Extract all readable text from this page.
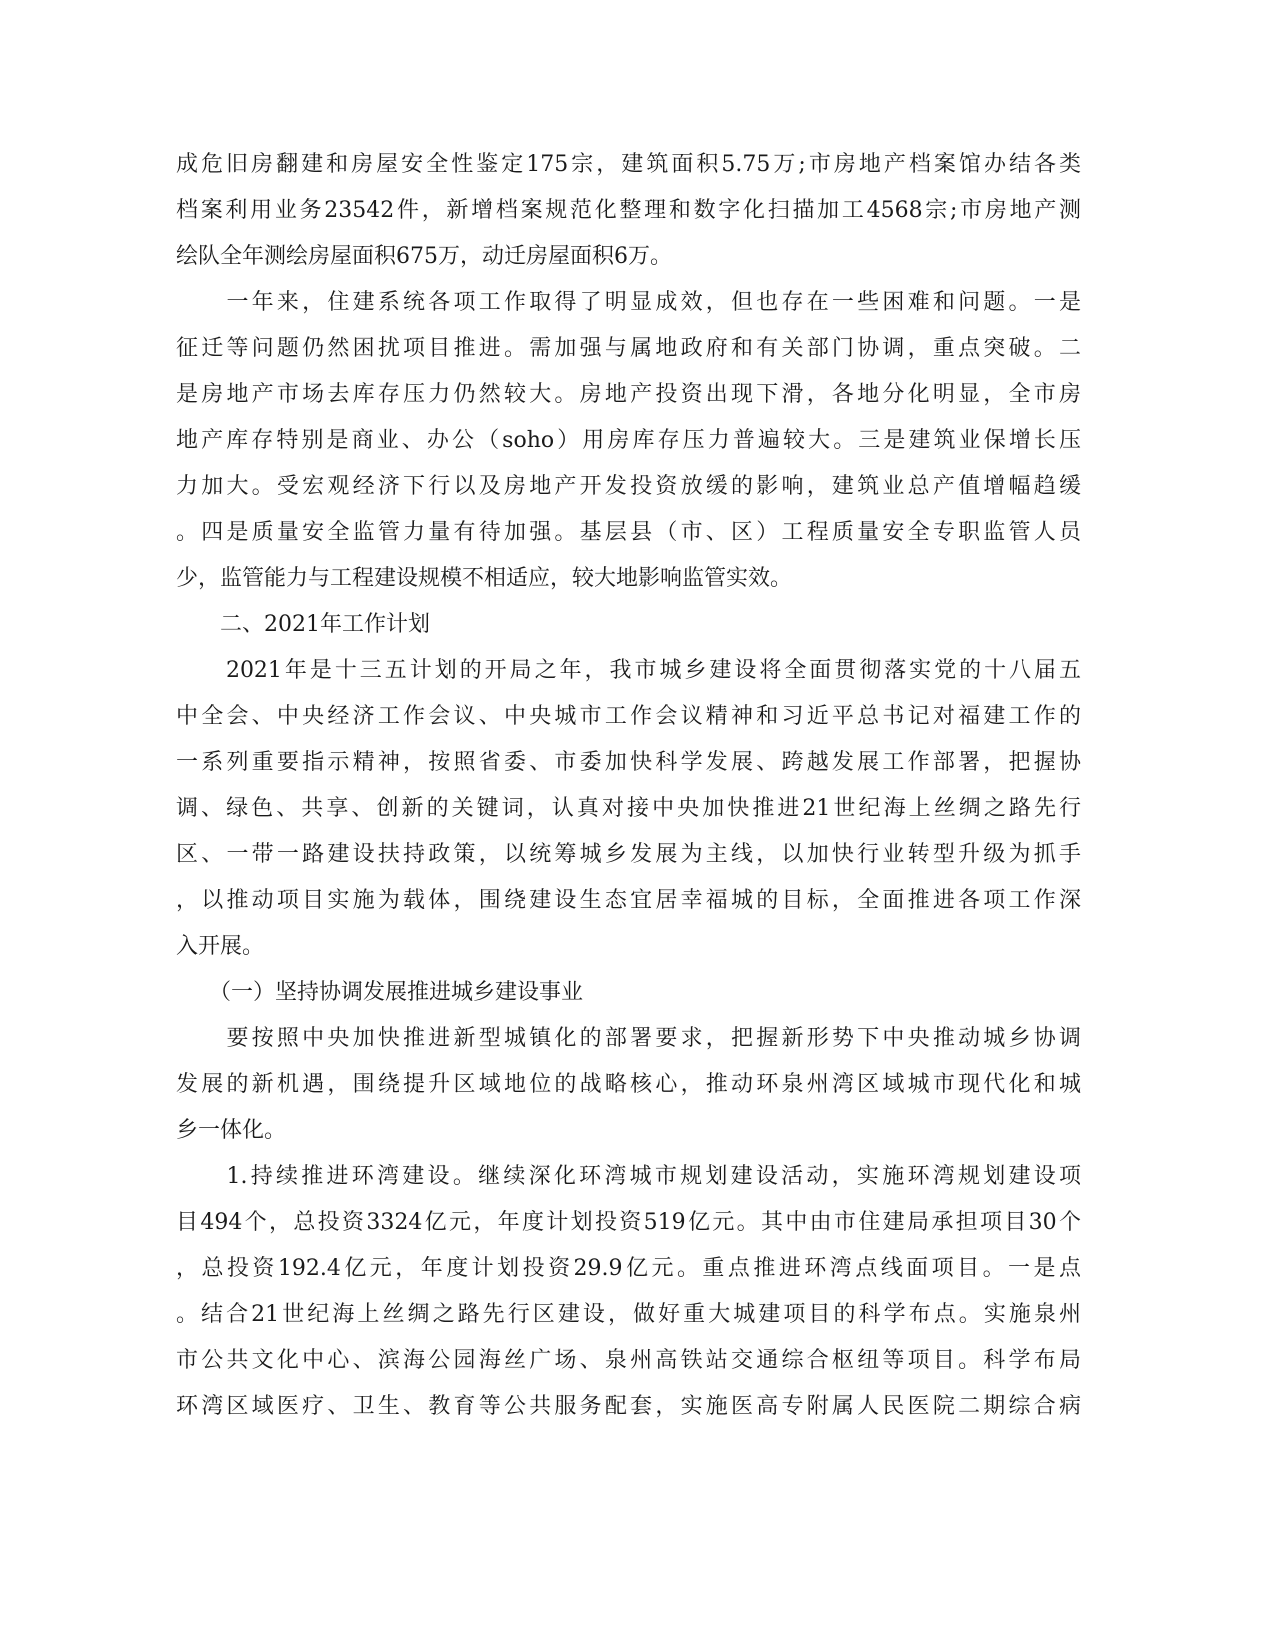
成危旧房翻建和房屋安全性鉴定175宗，建筑面积5.75万;市房地产档案馆办结各类
档案利用业务23542件，新增档案规范化整理和数字化扫描加工4568宗;市房地产测
绘队全年测绘房屋面积675万，动迁房屋面积6万。
　　一年来，住建系统各项工作取得了明显成效，但也存在一些困难和问题。一是
征迁等问题仍然困扰项目推进。需加强与属地政府和有关部门协调，重点突破。二
是房地产市场去库存压力仍然较大。房地产投资出现下滑，各地分化明显，全市房
地产库存特别是商业、办公（soho）用房库存压力普遍较大。三是建筑业保增长压
力加大。受宏观经济下行以及房地产开发投资放缓的影响，建筑业总产值增幅趋缓
。四是质量安全监管力量有待加强。基层县（市、区）工程质量安全专职监管人员
少，监管能力与工程建设规模不相适应，较大地影响监管实效。
　　二、2021年工作计划
　　2021年是十三五计划的开局之年，我市城乡建设将全面贯彻落实党的十八届五
中全会、中央经济工作会议、中央城市工作会议精神和习近平总书记对福建工作的
一系列重要指示精神，按照省委、市委加快科学发展、跨越发展工作部署，把握协
调、绿色、共享、创新的关键词，认真对接中央加快推进21世纪海上丝绸之路先行
区、一带一路建设扶持政策，以统筹城乡发展为主线，以加快行业转型升级为抓手
，以推动项目实施为载体，围绕建设生态宜居幸福城的目标，全面推进各项工作深
入开展。
　　（一）坚持协调发展推进城乡建设事业
　　要按照中央加快推进新型城镇化的部署要求，把握新形势下中央推动城乡协调
发展的新机遇，围绕提升区域地位的战略核心，推动环泉州湾区域城市现代化和城
乡一体化。
　　1.持续推进环湾建设。继续深化环湾城市规划建设活动，实施环湾规划建设项
目494个，总投资3324亿元，年度计划投资519亿元。其中由市住建局承担项目30个
，总投资192.4亿元，年度计划投资29.9亿元。重点推进环湾点线面项目。一是点
。结合21世纪海上丝绸之路先行区建设，做好重大城建项目的科学布点。实施泉州
市公共文化中心、滨海公园海丝广场、泉州高铁站交通综合枢纽等项目。科学布局
环湾区域医疗、卫生、教育等公共服务配套，实施医高专附属人民医院二期综合病
